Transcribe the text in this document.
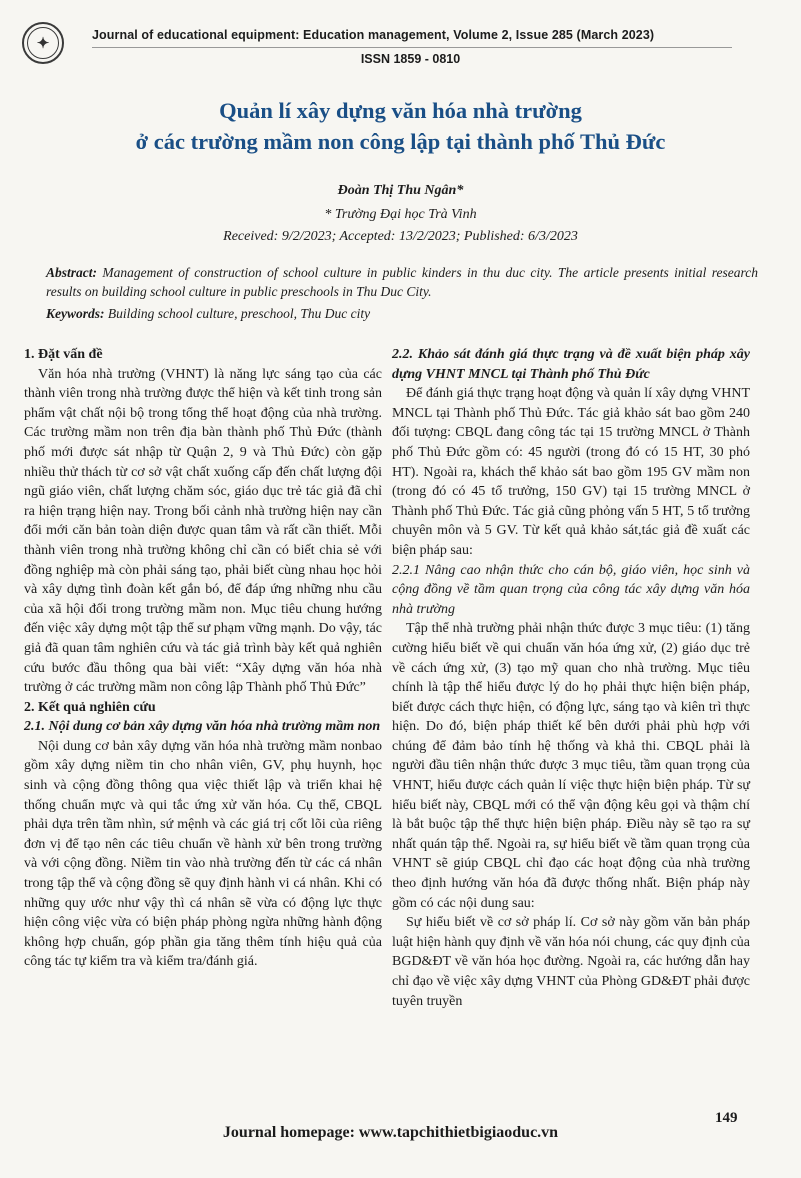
✦
Journal of educational equipment: Education management, Volume 2, Issue 285 (March 2023)
ISSN 1859 - 0810
Quản lí xây dựng văn hóa nhà trường
ở các trường mầm non công lập tại thành phố Thủ Đức
Đoàn Thị Thu Ngân*
* Trường Đại học Trà Vinh
Received: 9/2/2023; Accepted: 13/2/2023; Published: 6/3/2023
Abstract: Management of construction of school culture in public kinders in thu duc city. The article presents initial research results on building school culture in public preschools in Thu Duc City.
Keywords: Building school culture, preschool, Thu Duc city

1. Đặt vấn đề

Văn hóa nhà trường (VHNT) là năng lực sáng tạo của các thành viên trong nhà trường được thể hiện và kết tinh trong sản phẩm vật chất nội bộ trong tổng thể hoạt động của nhà trường. Các trường mầm non trên địa bàn thành phố Thủ Đức (thành phố mới được sát nhập từ Quận 2, 9 và Thủ Đức) còn gặp nhiều thử thách từ cơ sở vật chất xuống cấp đến chất lượng đội ngũ giáo viên, chất lượng chăm sóc, giáo dục trẻ tác giả đã chỉ ra hiện trạng hiện nay. Trong bối cảnh nhà trường hiện nay cần đổi mới căn bản toàn diện được quan tâm và rất cần thiết. Mỗi thành viên trong nhà trường không chỉ cần có biết chia sẻ với đồng nghiệp mà còn phải sáng tạo, phải biết cùng nhau học hỏi và xây dựng tình đoàn kết gắn bó, để đáp ứng những nhu cầu của xã hội đối trong trường mầm non. Mục tiêu chung hướng đến việc xây dựng một tập thể sư phạm vững mạnh. Do vậy, tác giả đã quan tâm nghiên cứu và tác giả trình bày kết quả nghiên cứu bước đầu thông qua bài viết: “Xây dựng văn hóa nhà trường ở các trường mầm non công lập Thành phố Thủ Đức”

2. Kết quả nghiên cứu

2.1. Nội dung cơ bản xây dựng văn hóa nhà trường mầm non

Nội dung cơ bản xây dựng văn hóa nhà trường mầm nonbao gồm xây dựng niềm tin cho nhân viên, GV, phụ huynh, học sinh và cộng đồng thông qua việc thiết lập và triển khai hệ thống chuẩn mực và qui tắc ứng xử văn hóa. Cụ thể, CBQL phải dựa trên tầm nhìn, sứ mệnh và các giá trị cốt lõi của riêng đơn vị để tạo nên các tiêu chuẩn về hành xử bên trong trường và với cộng đồng. Niềm tin vào nhà trường đến từ các cá nhân trong tập thể và cộng đồng sẽ quy định hành vi cá nhân. Khi có những quy ước như vậy thì cá nhân sẽ vừa có động lực thực hiện công việc vừa có biện pháp phòng ngừa những hành động không hợp chuẩn, góp phần gia tăng thêm tính hiệu quả của công tác tự kiểm tra và kiểm tra/đánh giá.

2.2. Khảo sát đánh giá thực trạng và đề xuất biện pháp xây dựng VHNT MNCL tại Thành phố Thủ Đức

Để đánh giá thực trạng hoạt động và quản lí xây dựng VHNT MNCL tại Thành phố Thủ Đức. Tác giả khảo sát bao gồm 240 đối tượng: CBQL đang công tác tại 15 trường MNCL ở Thành phố Thủ Đức gồm có: 45 người (trong đó có 15 HT, 30 phó HT). Ngoài ra, khách thể khảo sát bao gồm 195 GV mầm non (trong đó có 45 tổ trưởng, 150 GV) tại 15 trường MNCL ở Thành phố Thủ Đức. Tác giả cũng phỏng vấn 5 HT, 5 tổ trưởng chuyên môn và 5 GV. Từ kết quả khảo sát,tác giả đề xuất các biện pháp sau:

2.2.1 Nâng cao nhận thức cho cán bộ, giáo viên, học sinh và cộng đồng về tầm quan trọng của công tác xây dựng văn hóa nhà trường

Tập thể nhà trường phải nhận thức được 3 mục tiêu: (1) tăng cường hiểu biết về qui chuẩn văn hóa ứng xử, (2) giáo dục trẻ về cách ứng xử, (3) tạo mỹ quan cho nhà trường. Mục tiêu chính là tập thể hiểu được lý do họ phải thực hiện biện pháp, biết được cách thực hiện, có động lực, sáng tạo và kiên trì thực hiện. Do đó, biện pháp thiết kế bên dưới phải phù hợp với chúng để đảm bảo tính hệ thống và khả thi. CBQL phải là người đầu tiên nhận thức được 3 mục tiêu, tầm quan trọng của VHNT, hiểu được cách quản lí việc thực hiện biện pháp. Từ sự hiểu biết này, CBQL mới có thể vận động kêu gọi và thậm chí là bắt buộc tập thể thực hiện biện pháp. Điều này sẽ tạo ra sự nhất quán tập thể. Ngoài ra, sự hiểu biết về tầm quan trọng của VHNT sẽ giúp CBQL chỉ đạo các hoạt động của nhà trường theo định hướng văn hóa đã được thống nhất. Biện pháp này gồm có các nội dung sau:

Sự hiểu biết về cơ sở pháp lí. Cơ sở này gồm văn bản pháp luật hiện hành quy định về văn hóa nói chung, các quy định của BGD&ĐT về văn hóa học đường. Ngoài ra, các hướng dẫn hay chỉ đạo về việc xây dựng VHNT của Phòng GD&ĐT phải được tuyên truyền

149
Journal homepage: www.tapchithietbigiaoduc.vn
